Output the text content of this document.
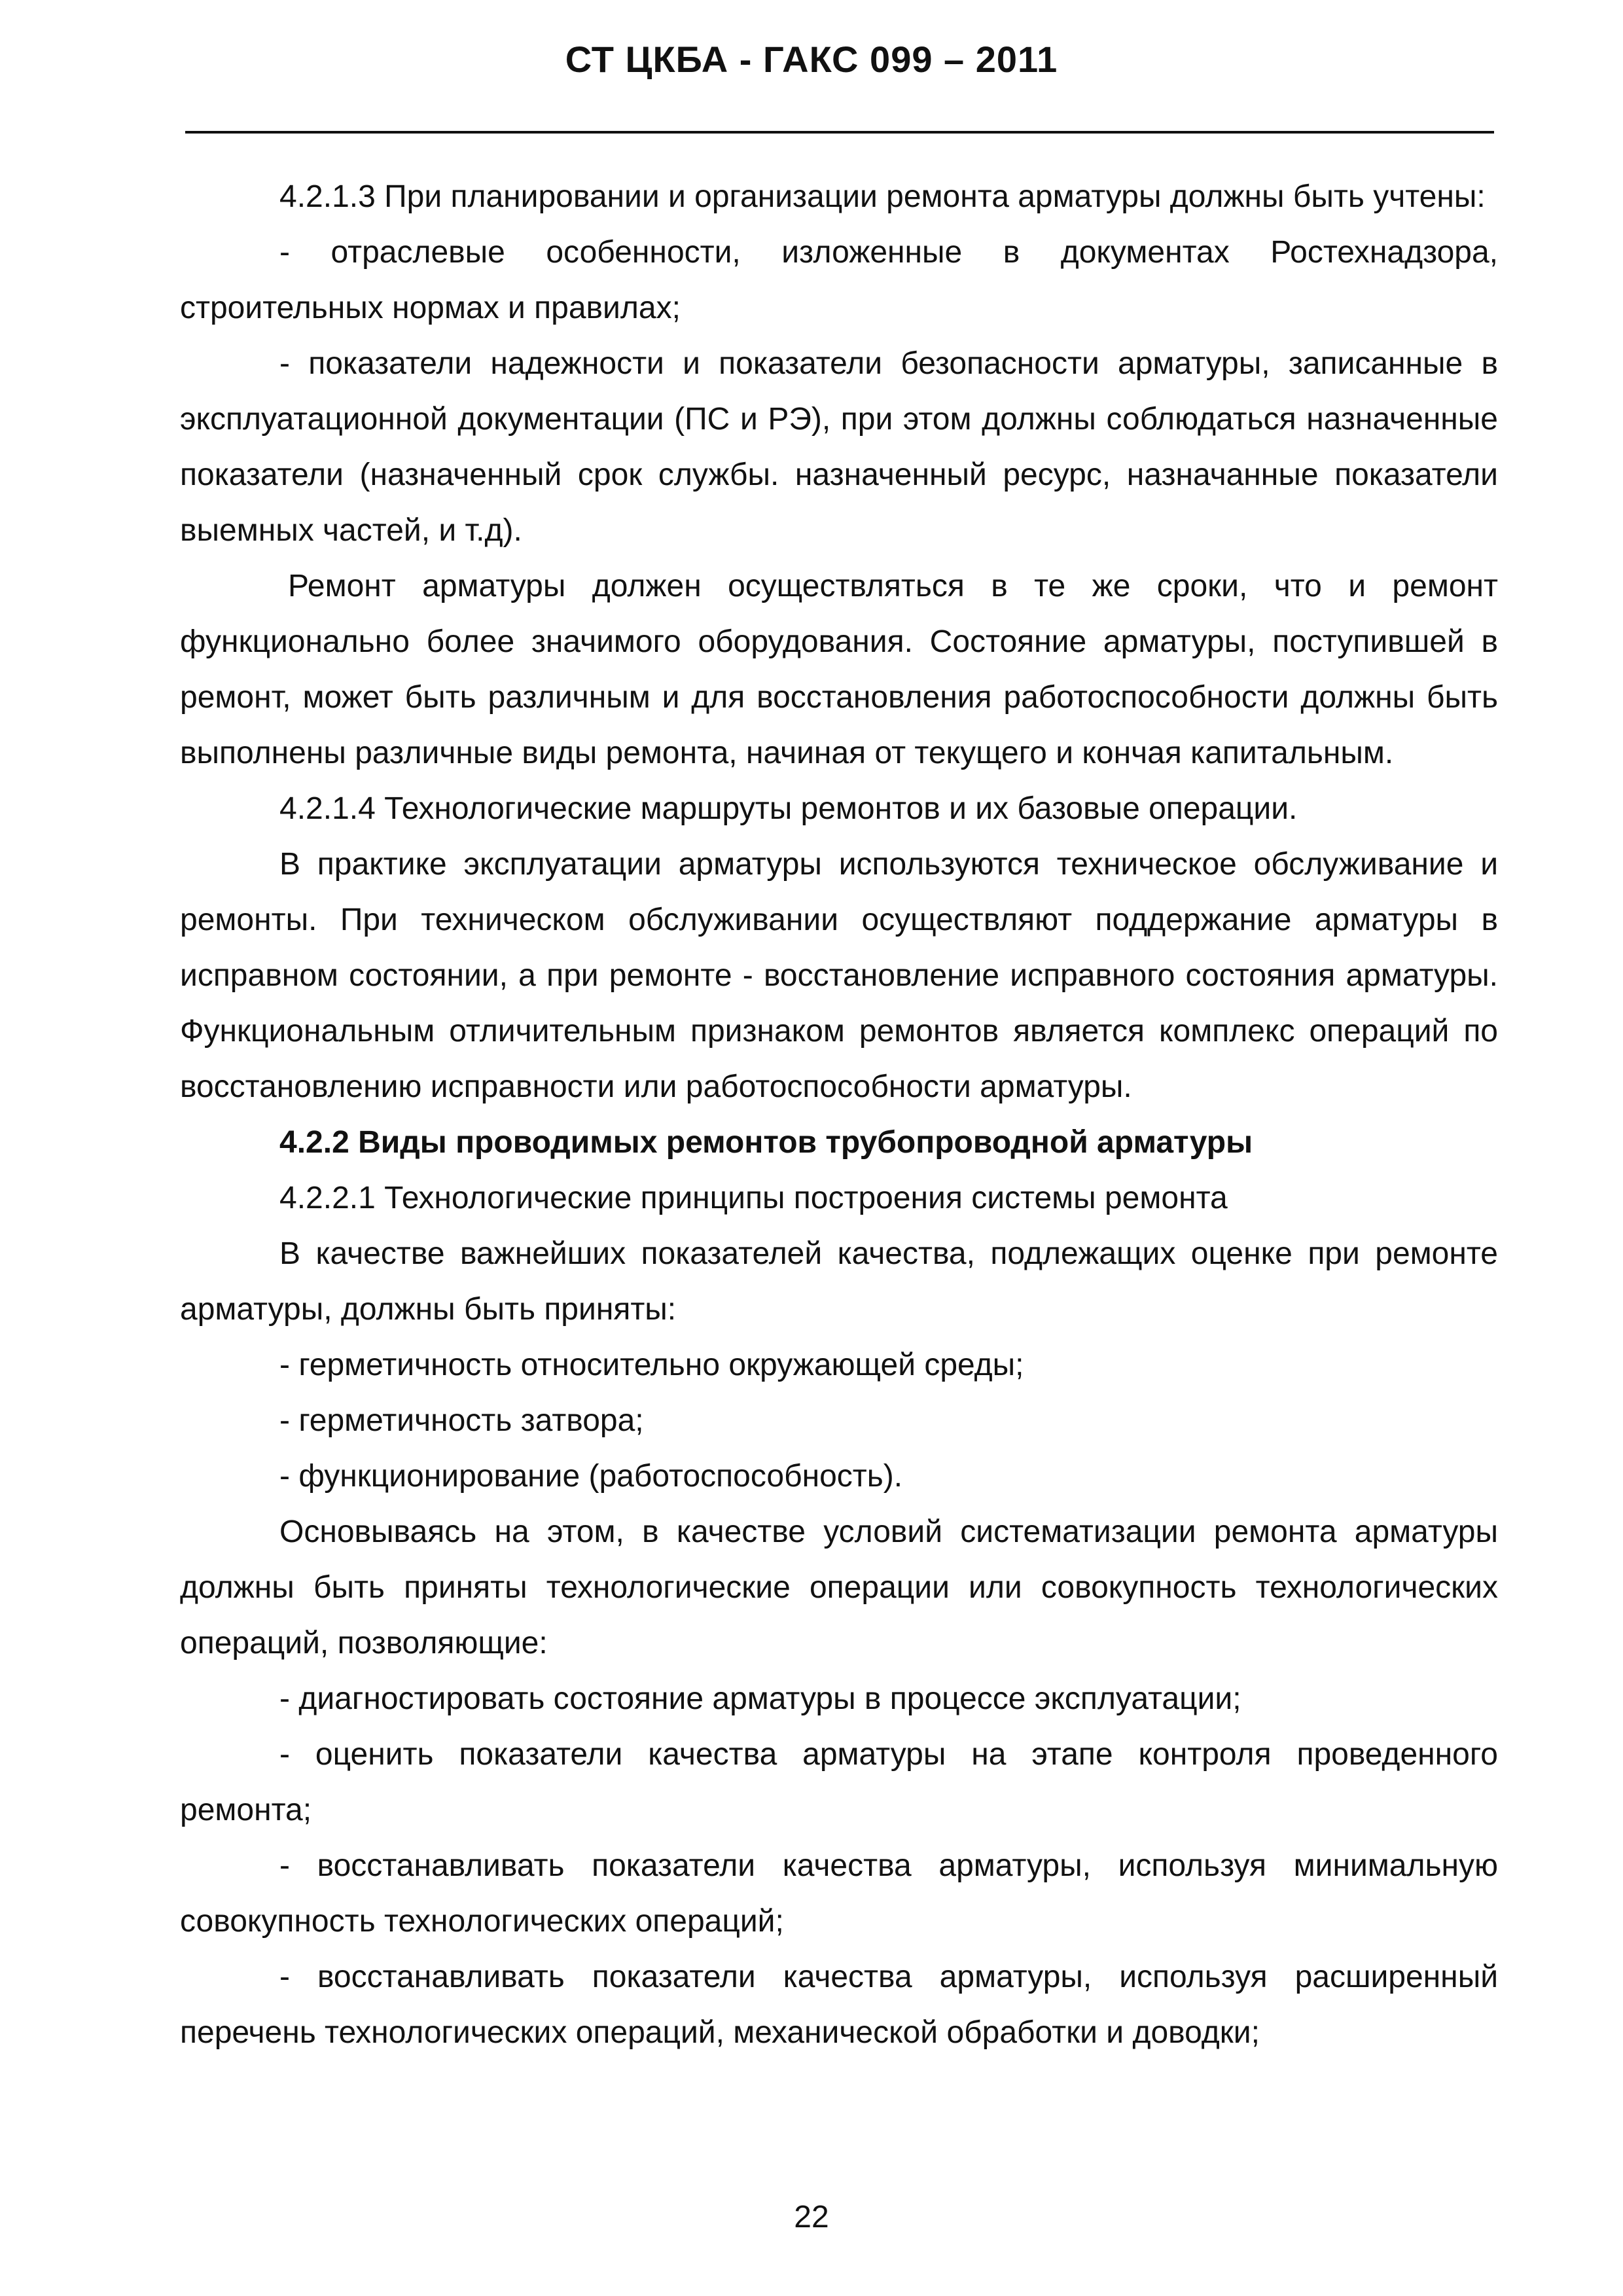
СТ ЦКБА - ГАКС 099 – 2011

4.2.1.3 При планировании и организации ремонта арматуры должны быть учтены:

- отраслевые особенности, изложенные в документах Ростехнадзора, строительных нормах и правилах;

- показатели надежности и показатели безопасности арматуры, записанные в эксплуатационной документации (ПС и РЭ), при этом должны соблюдаться назначенные показатели (назначенный срок службы. назначенный ресурс, назначанные показатели выемных частей, и т.д).

Ремонт арматуры должен осуществляться в те же сроки, что и ремонт функционально более значимого оборудования. Состояние арматуры, поступившей в ремонт, может быть различным и для восстановления работоспособности должны быть выполнены различные виды ремонта, начиная от текущего и кончая капитальным.

4.2.1.4 Технологические маршруты ремонтов и их базовые операции.

В практике эксплуатации арматуры используются техническое обслуживание и ремонты. При техническом обслуживании осуществляют поддержание арматуры в исправном состоянии, а при ремонте - восстановление исправного состояния арматуры. Функциональным отличительным признаком ремонтов является комплекс операций по восстановлению исправности или работоспособности арматуры.

4.2.2 Виды проводимых ремонтов трубопроводной арматуры

4.2.2.1 Технологические принципы построения системы ремонта

В качестве важнейших показателей качества, подлежащих оценке при ремонте арматуры, должны быть приняты:

- герметичность относительно окружающей среды;

- герметичность затвора;

- функционирование (работоспособность).

Основываясь на этом, в качестве условий систематизации ремонта арматуры должны быть приняты технологические операции или совокупность технологических операций, позволяющие:

- диагностировать состояние арматуры в процессе эксплуатации;

- оценить показатели качества арматуры на этапе контроля проведенного ремонта;

- восстанавливать показатели качества арматуры, используя минимальную совокупность технологических операций;

- восстанавливать показатели качества арматуры, используя расширенный перечень технологических операций, механической обработки и доводки;

22
